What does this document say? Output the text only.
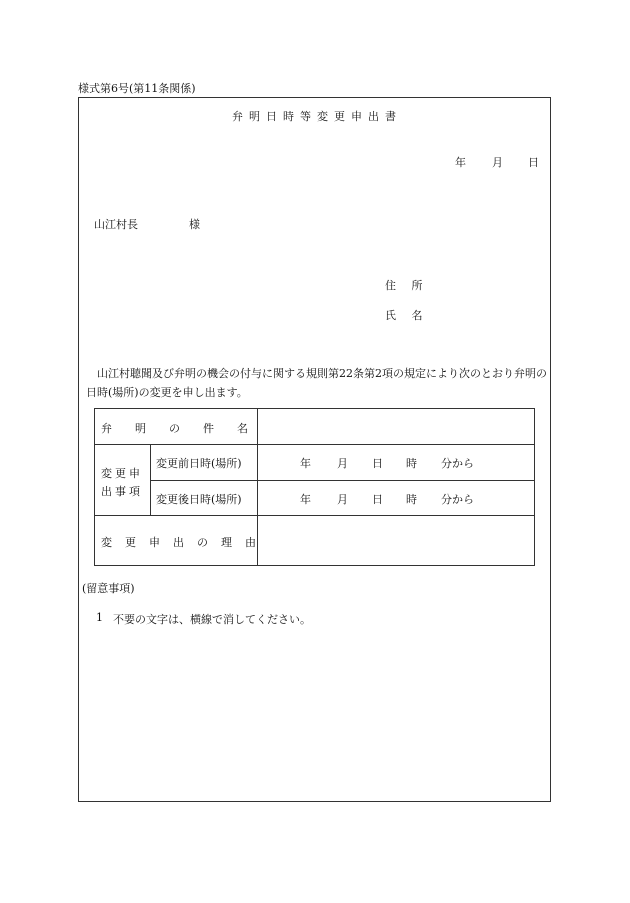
様式第6号(第11条関係)
弁明日時等変更申出書
年 月 日
山江村長	様
住 所
氏 名
山江村聴聞及び弁明の機会の付与に関する規則第22条第2項の規定により次のとおり弁明の日時(場所)の変更を申し出ます。
弁明の件名
変更申
出事項
変更前日時(場所)
変更後日時(場所)
年 月 日 時 分から
年 月 日 時 分から
変更申出の理由
(留意事項)
1 不要の文字は、横線で消してください。
